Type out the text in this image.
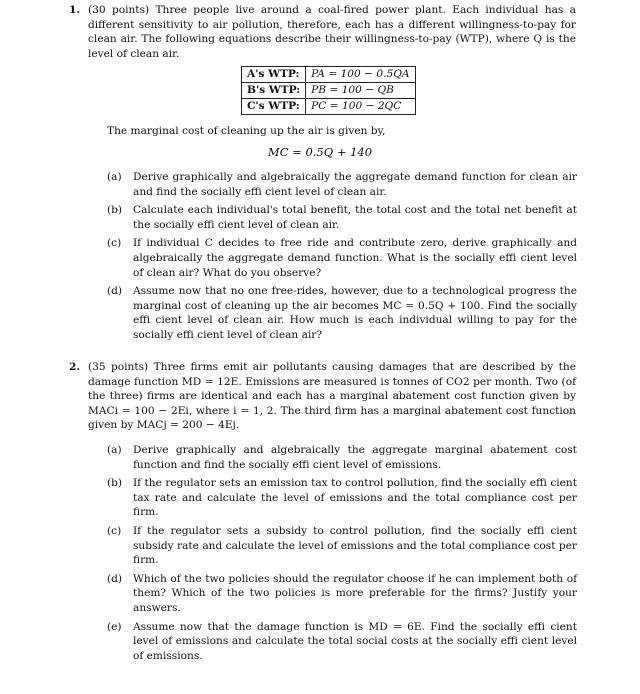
1. (30 points) Three people live around a coal-fired power plant. Each individual has a different sensitivity to air pollution, therefore, each has a different willingness-to-pay for clean air. The following equations describe their willingness-to-pay (WTP), where Q is the level of clean air.
A's WTP:	PA = 100 − 0.5QA
B's WTP:	PB = 100 − QB
C's WTP:	PC = 100 − 2QC
The marginal cost of cleaning up the air is given by,
MC = 0.5Q + 140

(a) Derive graphically and algebraically the aggregate demand function for clean air and find the socially effi cient level of clean air.

(b) Calculate each individual's total benefit, the total cost and the total net benefit at the socially effi cient level of clean air.

(c) If individual C decides to free ride and contribute zero, derive graphically and algebraically the aggregate demand function. What is the socially effi cient level of clean air? What do you observe?

(d) Assume now that no one free-rides, however, due to a technological progress the marginal cost of cleaning up the air becomes MC = 0.5Q + 100. Find the socially effi cient level of clean air. How much is each individual willing to pay for the socially effi cient level of clean air?

2. (35 points) Three firms emit air pollutants causing damages that are described by the damage function MD = 12E. Emissions are measured is tonnes of CO2 per month. Two (of the three) firms are identical and each has a marginal abatement cost function given by MACi = 100 − 2Ei, where i = 1, 2. The third firm has a marginal abatement cost function given by MACj = 200 − 4Ej.

(a) Derive graphically and algebraically the aggregate marginal abatement cost function and find the socially effi cient level of emissions.

(b) If the regulator sets an emission tax to control pollution, find the socially effi cient tax rate and calculate the level of emissions and the total compliance cost per firm.

(c) If the regulator sets a subsidy to control pollution, find the socially effi cient subsidy rate and calculate the level of emissions and the total compliance cost per firm.

(d) Which of the two policies should the regulator choose if he can implement both of them? Which of the two policies is more preferable for the firms? Justify your answers.

(e) Assume now that the damage function is MD = 6E. Find the socially effi cient level of emissions and calculate the total social costs at the socially effi cient level of emissions.
